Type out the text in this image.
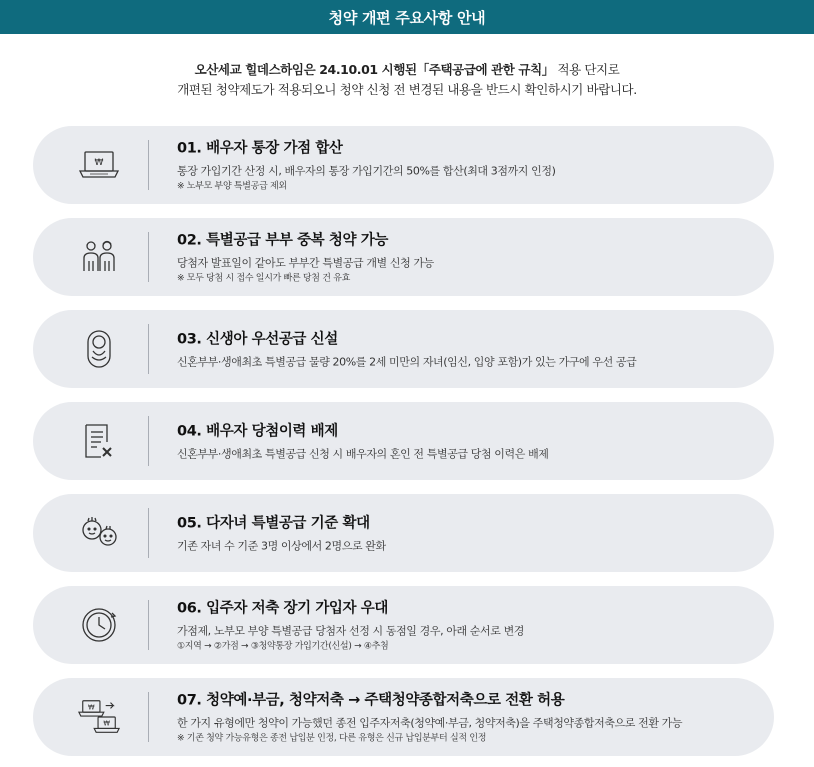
청약 개편 주요사항 안내
오산세교 힐데스하임은 24.10.01 시행된「주택공급에 관한 규칙」 적용 단지로
개편된 청약제도가 적용되오니 청약 신청 전 변경된 내용을 반드시 확인하시기 바랍니다.
₩
01. 배우자 통장 가점 합산
통장 가입기간 산정 시, 배우자의 통장 가입기간의 50%를 합산(최대 3점까지 인정)
※ 노부모 부양 특별공급 제외
02. 특별공급 부부 중복 청약 가능
당첨자 발표일이 같아도 부부간 특별공급 개별 신청 가능
※ 모두 당첨 시 접수 일시가 빠른 당첨 건 유효
03. 신생아 우선공급 신설
신혼부부·생애최초 특별공급 물량 20%를 2세 미만의 자녀(임신, 입양 포함)가 있는 가구에 우선 공급
04. 배우자 당첨이력 배제
신혼부부·생애최초 특별공급 신청 시 배우자의 혼인 전 특별공급 당첨 이력은 배제
05. 다자녀 특별공급 기준 확대
기존 자녀 수 기준 3명 이상에서 2명으로 완화
06. 입주자 저축 장기 가입자 우대
가점제, 노부모 부양 특별공급 당첨자 선정 시 동점일 경우, 아래 순서로 변경
①지역 → ②가점 → ③청약통장 가입기간(신설) → ④추첨
₩
₩
07. 청약예·부금, 청약저축 → 주택청약종합저축으로 전환 허용
한 가지 유형에만 청약이 가능했던 종전 입주자저축(청약예·부금, 청약저축)을 주택청약종합저축으로 전환 가능
※ 기존 청약 가능유형은 종전 납입분 인정, 다른 유형은 신규 납입분부터 실적 인정
